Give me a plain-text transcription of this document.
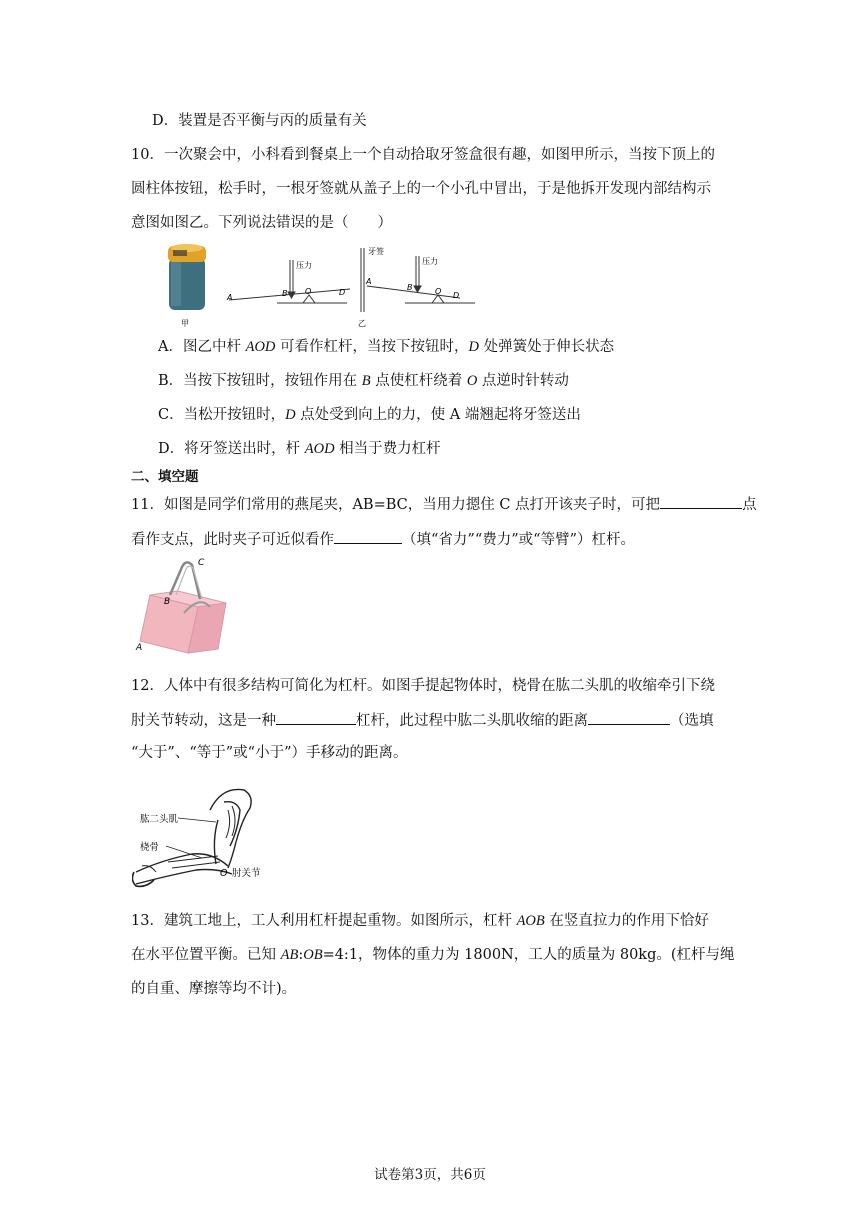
D．装置是否平衡与丙的质量有关
10．一次聚会中，小科看到餐桌上一个自动拾取牙签盒很有趣，如图甲所示，当按下顶上的
圆柱体按钮，松手时，一根牙签就从盖子上的一个小孔中冒出，于是他拆开发现内部结构示
意图如图乙。下列说法错误的是（　　）
甲
压力
A	B O	D
牙签
压力
A
B	O D
乙
A．图乙中杆 AOD 可看作杠杆，当按下按钮时，D 处弹簧处于伸长状态
B．当按下按钮时，按钮作用在 B 点使杠杆绕着 O 点逆时针转动
C．当松开按钮时，D 点处受到向上的力，使 A 端翘起将牙签送出
D．将牙签送出时，杆 AOD 相当于费力杠杆
二、填空题
11．如图是同学们常用的燕尾夹，AB=BC，当用力摁住 C 点打开该夹子时，可把	点
看作支点，此时夹子可近似看作	（填“省力”“费力”或“等臂”）杠杆。
C
B
A
12．人体中有很多结构可简化为杠杆。如图手提起物体时，桡骨在肱二头肌的收缩牵引下绕
肘关节转动，这是一种	杠杆，此过程中肱二头肌收缩的距离	（选填
“大于”、“等于”或“小于”）手移动的距离。
肱二头肌
桡骨
O 肘关节
13．建筑工地上，工人利用杠杆提起重物。如图所示，杠杆 AOB 在竖直拉力的作用下恰好
在水平位置平衡。已知 AB:OB=4:1，物体的重力为 1800N，工人的质量为 80kg。(杠杆与绳
的自重、摩擦等均不计)。
试卷第3页，共6页
